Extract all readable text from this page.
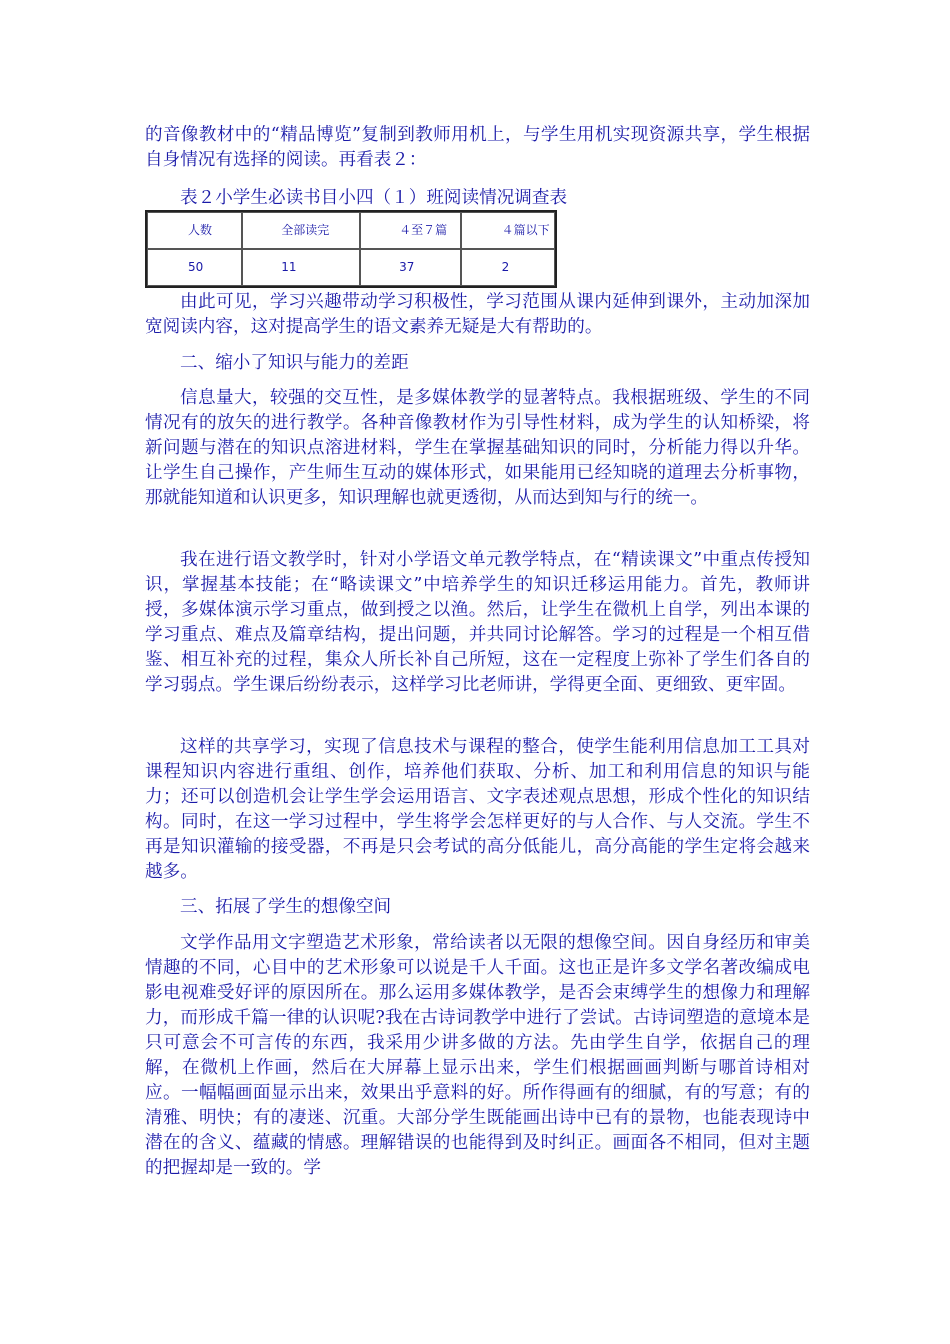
的音像教材中的“精品博览”复制到教师用机上，与学生用机实现资源共享，学生根据自身情况有选择的阅读。再看表２：

表２小学生必读书目小四（１）班阅读情况调查表

人数	全部读完	４至７篇	４篇以下

50	11	37	2

由此可见，学习兴趣带动学习积极性，学习范围从课内延伸到课外，主动加深加宽阅读内容，这对提高学生的语文素养无疑是大有帮助的。

二、缩小了知识与能力的差距

信息量大，较强的交互性，是多媒体教学的显著特点。我根据班级、学生的不同情况有的放矢的进行教学。各种音像教材作为引导性材料，成为学生的认知桥梁，将新问题与潜在的知识点溶进材料，学生在掌握基础知识的同时，分析能力得以升华。让学生自己操作，产生师生互动的媒体形式，如果能用已经知晓的道理去分析事物，那就能知道和认识更多，知识理解也就更透彻，从而达到知与行的统一。

我在进行语文教学时，针对小学语文单元教学特点，在“精读课文”中重点传授知识，掌握基本技能；在“略读课文”中培养学生的知识迁移运用能力。首先，教师讲授，多媒体演示学习重点，做到授之以渔。然后，让学生在微机上自学，列出本课的学习重点、难点及篇章结构，提出问题，并共同讨论解答。学习的过程是一个相互借鉴、相互补充的过程，集众人所长补自己所短，这在一定程度上弥补了学生们各自的学习弱点。学生课后纷纷表示，这样学习比老师讲，学得更全面、更细致、更牢固。

这样的共享学习，实现了信息技术与课程的整合，使学生能利用信息加工工具对课程知识内容进行重组、创作，培养他们获取、分析、加工和利用信息的知识与能力；还可以创造机会让学生学会运用语言、文字表述观点思想，形成个性化的知识结构。同时，在这一学习过程中，学生将学会怎样更好的与人合作、与人交流。学生不再是知识灌输的接受器，不再是只会考试的高分低能儿，高分高能的学生定将会越来越多。

三、拓展了学生的想像空间

文学作品用文字塑造艺术形象，常给读者以无限的想像空间。因自身经历和审美情趣的不同，心目中的艺术形象可以说是千人千面。这也正是许多文学名著改编成电影电视难受好评的原因所在。那么运用多媒体教学，是否会束缚学生的想像力和理解力，而形成千篇一律的认识呢?我在古诗词教学中进行了尝试。古诗词塑造的意境本是只可意会不可言传的东西，我采用少讲多做的方法。先由学生自学，依据自己的理解，在微机上作画，然后在大屏幕上显示出来，学生们根据画画判断与哪首诗相对应。一幅幅画面显示出来，效果出乎意料的好。所作得画有的细腻，有的写意；有的清雅、明快；有的凄迷、沉重。大部分学生既能画出诗中已有的景物，也能表现诗中潜在的含义、蕴藏的情感。理解错误的也能得到及时纠正。画面各不相同，但对主题的把握却是一致的。学
